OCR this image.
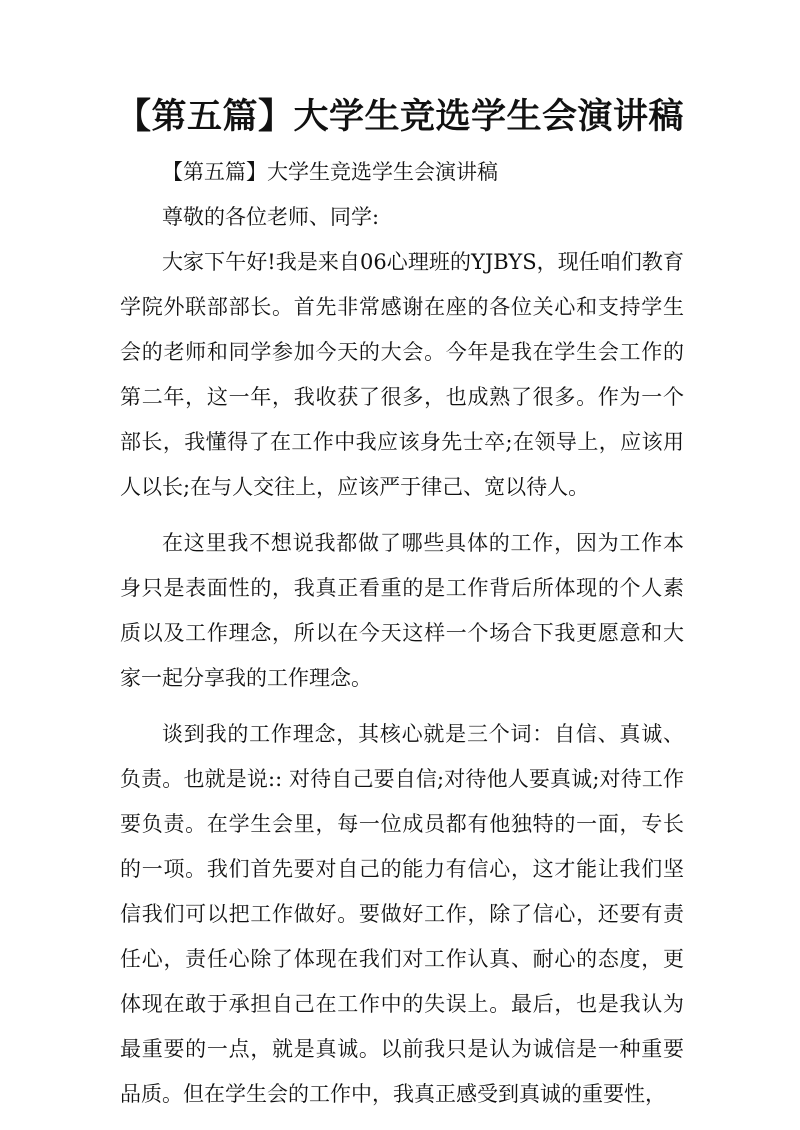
【第五篇】大学生竞选学生会演讲稿

【第五篇】大学生竞选学生会演讲稿

尊敬的各位老师、同学:

大家下午好!我是来自06心理班的YJBYS，现任咱们教育学院外联部部长。首先非常感谢在座的各位关心和支持学生会的老师和同学参加今天的大会。今年是我在学生会工作的第二年，这一年，我收获了很多，也成熟了很多。作为一个部长，我懂得了在工作中我应该身先士卒;在领导上，应该用人以长;在与人交往上，应该严于律己、宽以待人。

在这里我不想说我都做了哪些具体的工作，因为工作本身只是表面性的，我真正看重的是工作背后所体现的个人素质以及工作理念，所以在今天这样一个场合下我更愿意和大家一起分享我的工作理念。

谈到我的工作理念，其核心就是三个词：自信、真诚、负责。也就是说:: 对待自己要自信;对待他人要真诚;对待工作要负责。在学生会里，每一位成员都有他独特的一面，专长的一项。我们首先要对自己的能力有信心，这才能让我们坚信我们可以把工作做好。要做好工作，除了信心，还要有责任心，责任心除了体现在我们对工作认真、耐心的态度，更体现在敢于承担自己在工作中的失误上。最后，也是我认为最重要的一点，就是真诚。以前我只是认为诚信是一种重要品质。但在学生会的工作中，我真正感受到真诚的重要性，
